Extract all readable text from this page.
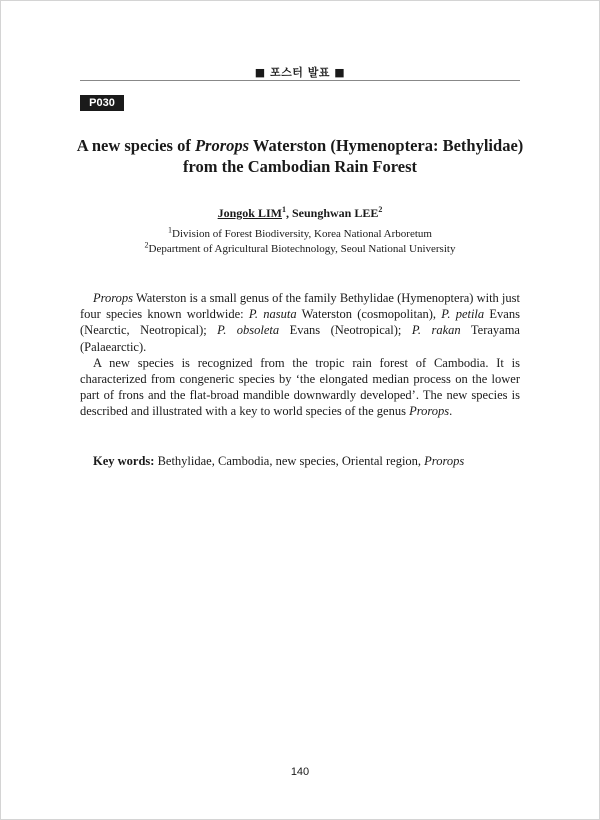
■ 포스터 발표 ■
P030
A new species of Prorops Waterston (Hymenoptera: Bethylidae)
from the Cambodian Rain Forest
Jongok LIM$^1$, Seunghwan LEE$^2$
$^1$Division of Forest Biodiversity, Korea National Arboretum
$^2$Department of Agricultural Biotechnology, Seoul National University

Prorops Waterston is a small genus of the family Bethylidae (Hymenoptera) with just four species known worldwide: P. nasuta Waterston (cosmopolitan), P. petila Evans (Nearctic, Neotropical); P. obsoleta Evans (Neotropical); P. rakan Terayama (Palaearctic).

A new species is recognized from the tropic rain forest of Cambodia. It is characterized from congeneric species by ‘the elongated median process on the lower part of frons and the flat-broad mandible downwardly developed’. The new species is described and illustrated with a key to world species of the genus Prorops.

Key words: Bethylidae, Cambodia, new species, Oriental region, Prorops
140
